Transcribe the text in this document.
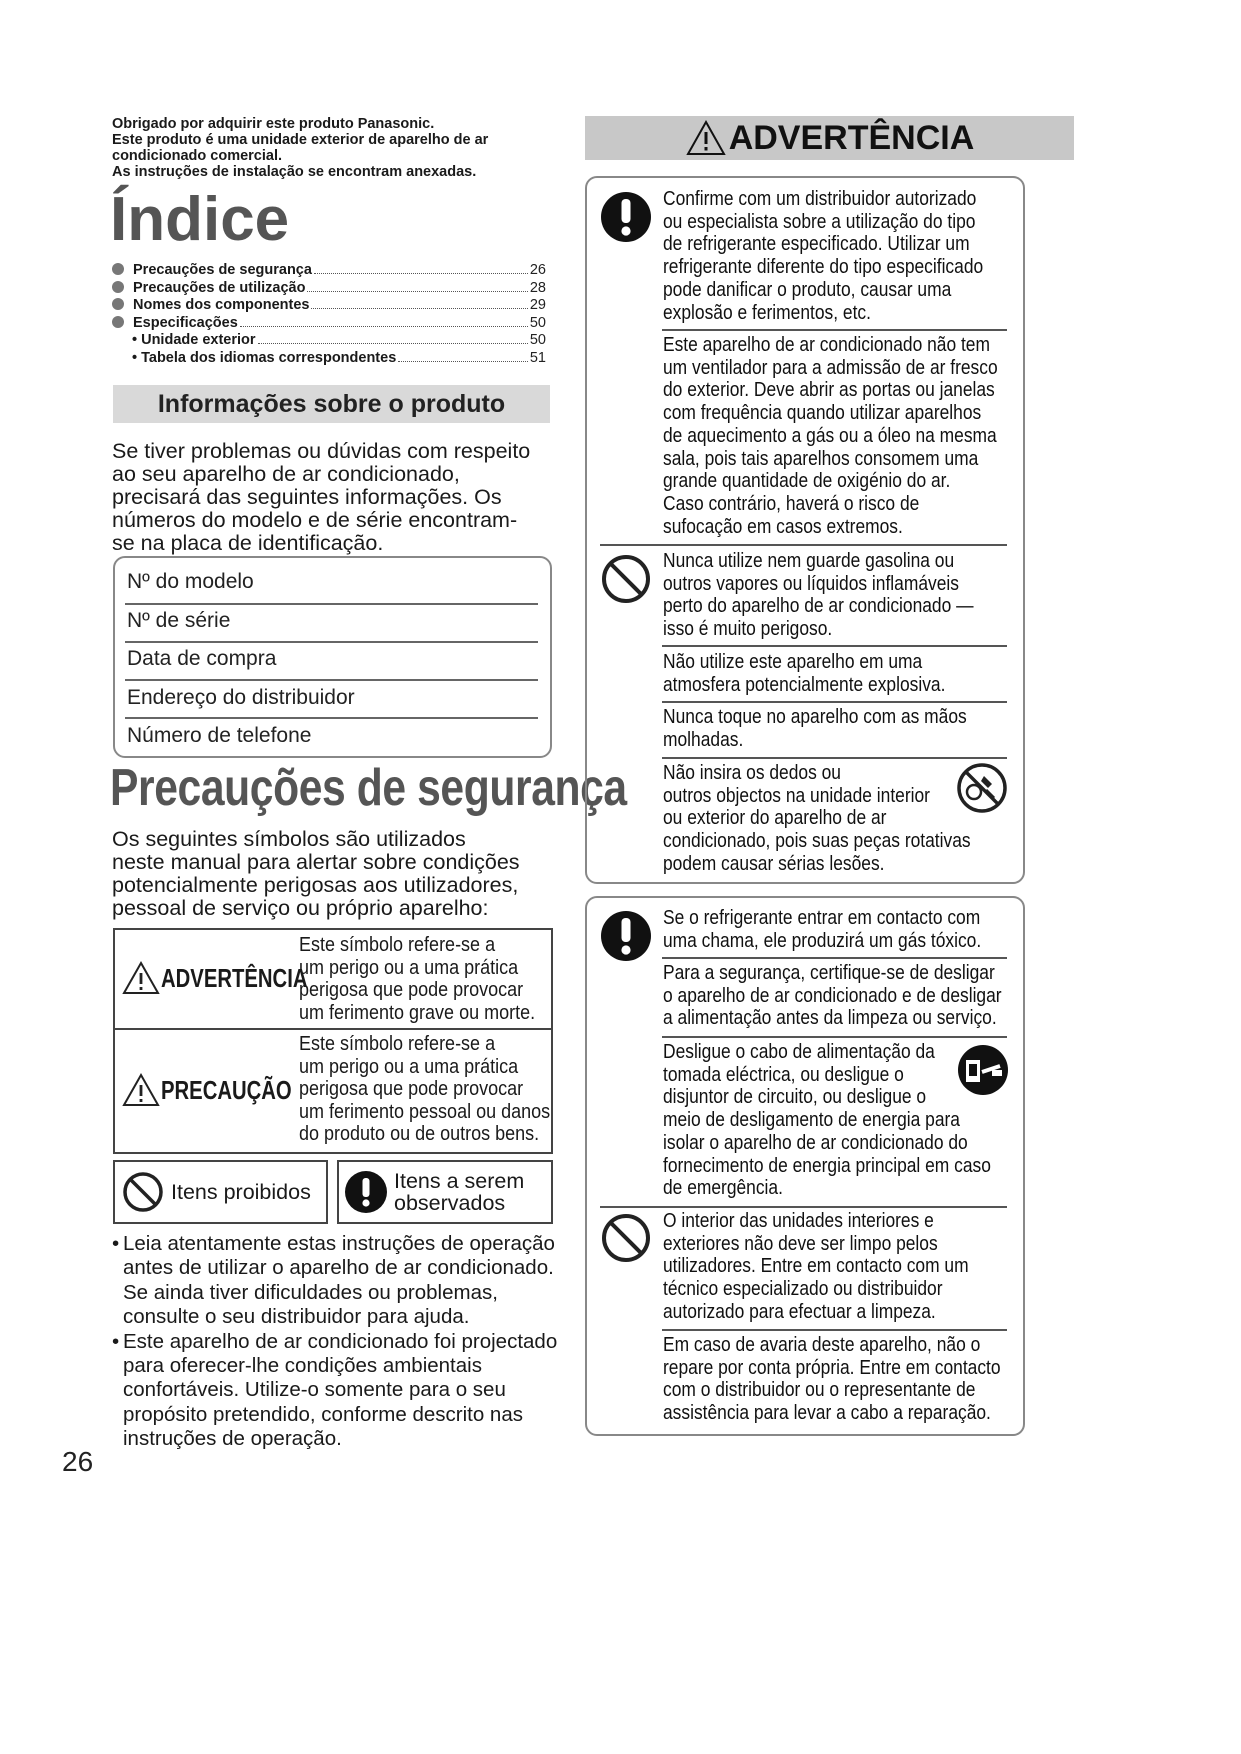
Obrigado por adquirir este produto Panasonic.
Este produto é uma unidade exterior de aparelho de ar
condicionado comercial.
As instruções de instalação se encontram anexadas.
Índice
Precauções de segurança	26
Precauções de utilização	28
Nomes dos componentes	29
Especificações	50
• Unidade exterior	50
• Tabela dos idiomas correspondentes	51
Informações sobre o produto
Se tiver problemas ou dúvidas com respeito
ao seu aparelho de ar condicionado,
precisará das seguintes informações. Os
números do modelo e de série encontram-
se na placa de identificação.
Nº do modelo
Nº de série
Data de compra
Endereço do distribuidor
Número de telefone
Precauções de segurança
Os seguintes símbolos são utilizados
neste manual para alertar sobre condições
potencialmente perigosas aos utilizadores,
pessoal de serviço ou próprio aparelho:
ADVERTÊNCIA
Este símbolo refere-se a
um perigo ou a uma prática
perigosa que pode provocar
um ferimento grave ou morte.
PRECAUÇÃO
Este símbolo refere-se a
um perigo ou a uma prática
perigosa que pode provocar
um ferimento pessoal ou danos
do produto ou de outros bens.
Itens proibidos	Itens a serem
observados
• Leia atentamente estas instruções de operação
antes de utilizar o aparelho de ar condicionado.
Se ainda tiver dificuldades ou problemas,
consulte o seu distribuidor para ajuda.
• Este aparelho de ar condicionado foi projectado
para oferecer-lhe condições ambientais
confortáveis. Utilize-o somente para o seu
propósito pretendido, conforme descrito nas
instruções de operação.
26
ADVERTÊNCIA
Confirme com um distribuidor autorizado
ou especialista sobre a utilização do tipo
de refrigerante especificado. Utilizar um
refrigerante diferente do tipo especificado
pode danificar o produto, causar uma
explosão e ferimentos, etc.
Este aparelho de ar condicionado não tem
um ventilador para a admissão de ar fresco
do exterior. Deve abrir as portas ou janelas
com frequência quando utilizar aparelhos
de aquecimento a gás ou a óleo na mesma
sala, pois tais aparelhos consomem uma
grande quantidade de oxigénio do ar.
Caso contrário, haverá o risco de
sufocação em casos extremos.
Nunca utilize nem guarde gasolina ou
outros vapores ou líquidos inflamáveis
perto do aparelho de ar condicionado —
isso é muito perigoso.
Não utilize este aparelho em uma
atmosfera potencialmente explosiva.
Nunca toque no aparelho com as mãos
molhadas.
Não insira os dedos ou
outros objectos na unidade interior
ou exterior do aparelho de ar
condicionado, pois suas peças rotativas
podem causar sérias lesões.
Se o refrigerante entrar em contacto com
uma chama, ele produzirá um gás tóxico.
Para a segurança, certifique-se de desligar
o aparelho de ar condicionado e de desligar
a alimentação antes da limpeza ou serviço.
Desligue o cabo de alimentação da
tomada eléctrica, ou desligue o
disjuntor de circuito, ou desligue o
meio de desligamento de energia para
isolar o aparelho de ar condicionado do
fornecimento de energia principal em caso
de emergência.
O interior das unidades interiores e
exteriores não deve ser limpo pelos
utilizadores. Entre em contacto com um
técnico especializado ou distribuidor
autorizado para efectuar a limpeza.
Em caso de avaria deste aparelho, não o
repare por conta própria. Entre em contacto
com o distribuidor ou o representante de
assistência para levar a cabo a reparação.
